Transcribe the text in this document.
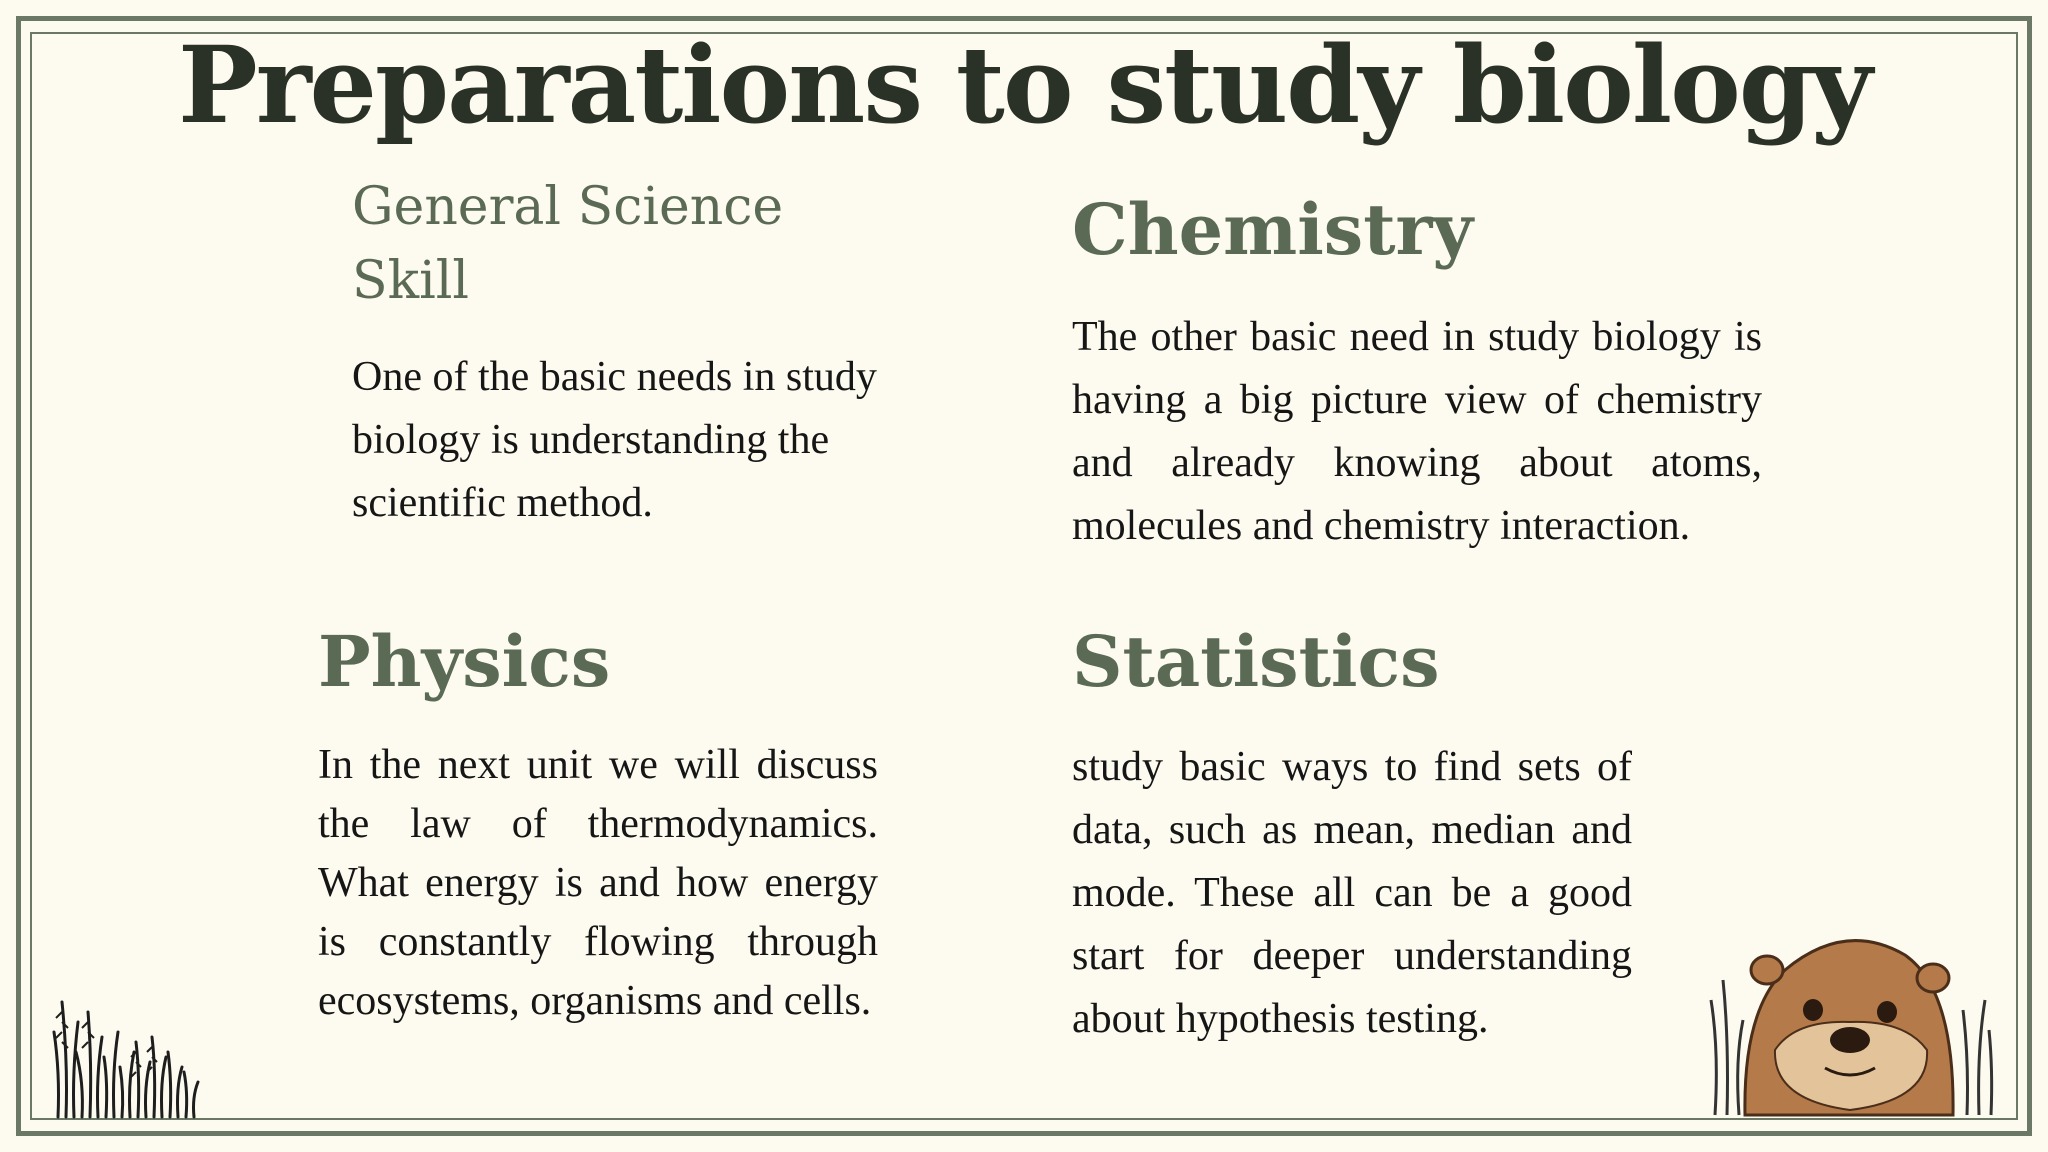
Preparations to study biology
General Science
Skill
One of the basic needs in study biology is understanding the scientific method.
Chemistry
The other basic need in study biology is having a big picture view of chemistry and already knowing about atoms, molecules and chemistry interaction.
Physics
In the next unit we will discuss the law of thermodynamics. What energy is and how energy is constantly flowing through ecosystems, organisms and cells.
Statistics
study basic ways to find sets of data, such as mean, median and mode. These all can be a good start for deeper understanding about hypothesis testing.
